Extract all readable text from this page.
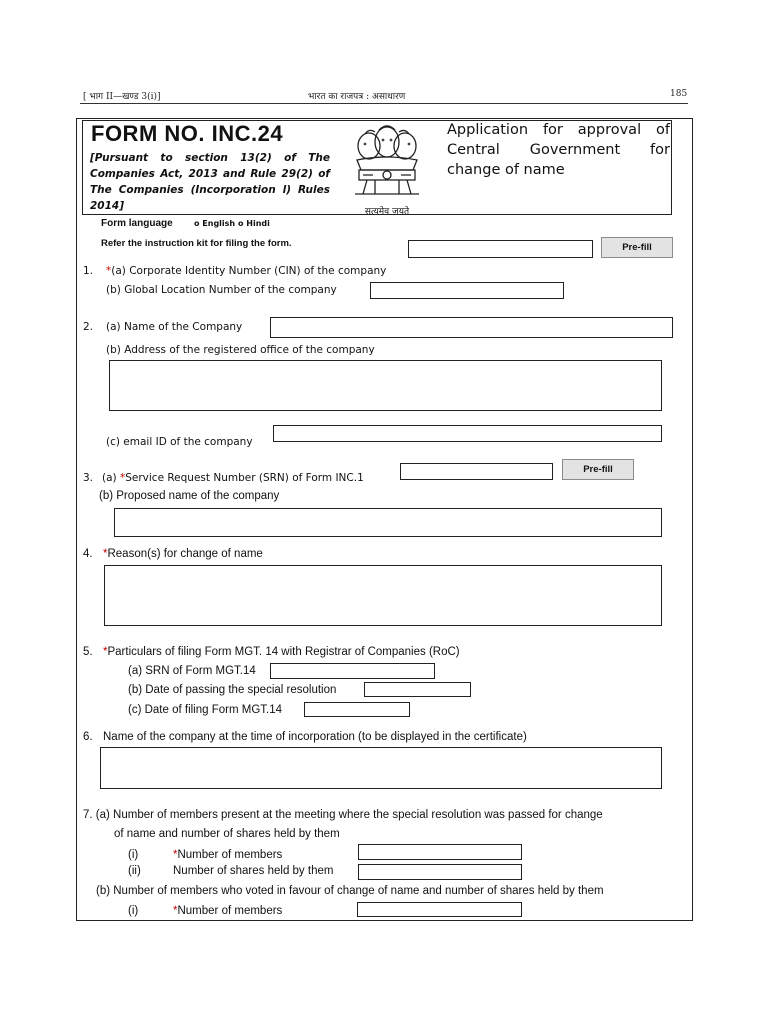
[ भाग II—खण्ड 3(i)]	भारत का राजपत्र : असाधारण	185
FORM NO. INC.24
[Pursuant to section 13(2) of The Companies Act, 2013 and Rule 29(2) of The Companies (Incorporation l) Rules 2014]	सत्यमेव जयते
Application for approval of Central Government for change of name
Form language	o English o Hindi
Refer the instruction kit for filing the form.	Pre-fill
1. *(a) Corporate Identity Number (CIN) of the company
(b) Global Location Number of the company
2. (a) Name of the Company
(b) Address of the registered office of the company
(c) email ID of the company
3. (a) *Service Request Number (SRN) of Form INC.1
Pre-fill
(b) Proposed name of the company
4. *Reason(s) for change of name
5. *Particulars of filing Form MGT. 14 with Registrar of Companies (RoC)
(a) SRN of Form MGT.14
(b) Date of passing the special resolution
(c) Date of filing Form MGT.14
6. Name of the company at the time of incorporation (to be displayed in the certificate)
7. (a) Number of members present at the meeting where the special resolution was passed for change
of name and number of shares held by them
(i)	*Number of members
(ii)	Number of shares held by them
(b) Number of members who voted in favour of change of name and number of shares held by them
(i)	*Number of members
